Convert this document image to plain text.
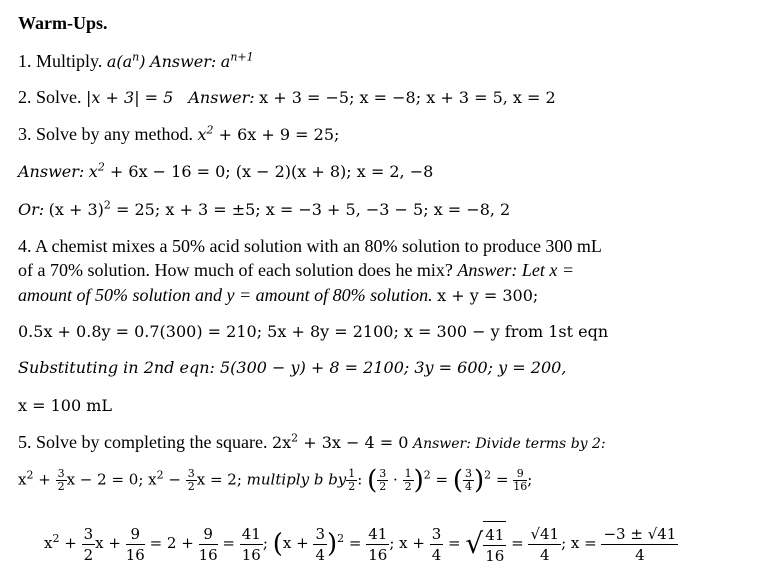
Warm-Ups.
1. Multiply. $a(a^n)$ Answer: $a^{n+1}$
2. Solve. |x + 3| = 5 Answer: x + 3 = −5; x = −8; x + 3 = 5, x = 2
3. Solve by any method. $x^2 + 6x + 9 = 25$;
Answer: $x^2 + 6x - 16 = 0$; (x − 2)(x + 8); x = 2, −8
Or: $(x + 3)^2 = 25$; x + 3 = ±5; x = −3 + 5, −3 − 5; x = −8, 2
4. A chemist mixes a 50% acid solution with an 80% solution to produce 300 mL
of a 70% solution. How much of each solution does he mix? Answer: Let x =
amount of 50% solution and y = amount of 80% solution. x + y = 300;
0.5x + 0.8y = 0.7(300) = 210; 5x + 8y = 2100; x = 300 − y from 1st eqn
Substituting in 2nd eqn: 5(300 − y) + 8 = 2100; 3y = 600; y = 200,
x = 100 mL
5. Solve by completing the square. $2x^2 + 3x - 4 = 0$ Answer: Divide terms by 2:
$x^2 + \frac{3}{2}$ x − 2 = 0; $x^2 - \frac{3}{2}$ x = 2; multiply b by $\frac{1}{2}$ : ( $\frac{3}{2} \cdot \frac{1}{2} )^2$ = ( $\frac{3}{4} )^2 = \frac{9}{16}$ ;
$x^2 + \frac{3}{2}$ $x + \frac{9}{16} = 2 + \frac{9}{16} = \frac{41}{16}$ ; $(x + \frac{3}{4} )^2 = \frac{41}{16}$ ; $x + \frac{3}{4}$ = √ $\frac{41}{16} = \frac{√41}{4}$ ; $x = \frac{-3 \pm √41}{4}$
